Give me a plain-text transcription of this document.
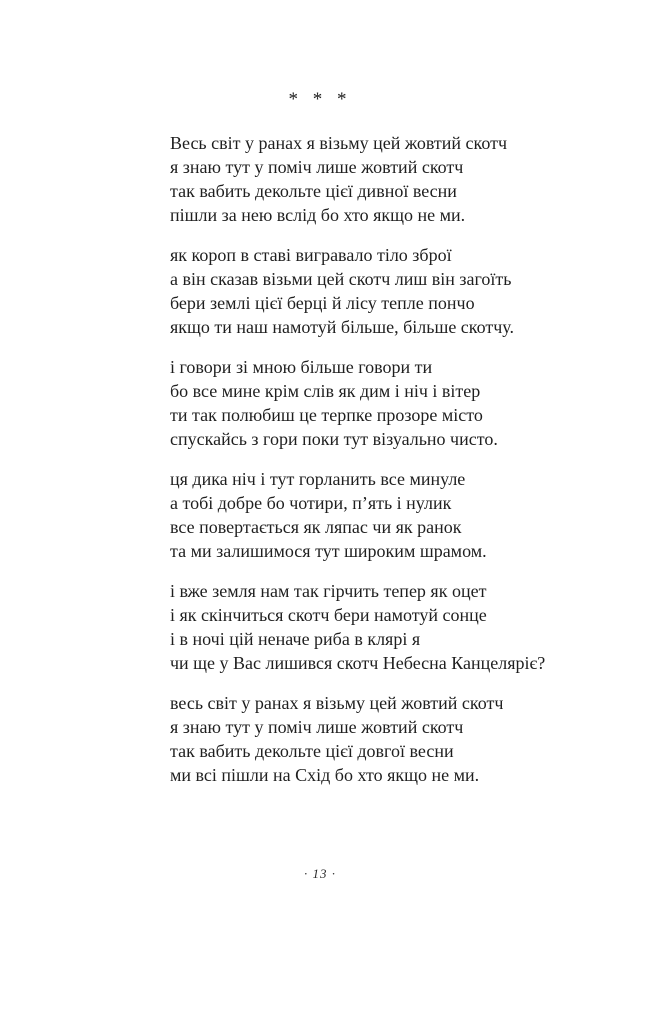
* * *
Весь світ у ранах я візьму цей жовтий скотч
я знаю тут у поміч лише жовтий скотч
так вабить декольте цієї дивної весни
пішли за нею вслід бо хто якщо не ми.
як короп в ставі вигравало тіло зброї
а він сказав візьми цей скотч лиш він загоїть
бери землі цієї берці й лісу тепле пончо
якщо ти наш намотуй більше, більше скотчу.
і говори зі мною більше говори ти
бо все мине крім слів як дим і ніч і вітер
ти так полюбиш це терпке прозоре місто
спускайсь з гори поки тут візуально чисто.
ця дика ніч і тут горланить все минуле
а тобі добре бо чотири, п’ять і нулик
все повертається як ляпас чи як ранок
та ми залишимося тут широким шрамом.
і вже земля нам так гірчить тепер як оцет
і як скінчиться скотч бери намотуй сонце
і в ночі цій неначе риба в клярі я
чи ще у Вас лишився скотч Небесна Канцеляріє?
весь світ у ранах я візьму цей жовтий скотч
я знаю тут у поміч лише жовтий скотч
так вабить декольте цієї довгої весни
ми всі пішли на Схід бо хто якщо не ми.
· 13 ·
